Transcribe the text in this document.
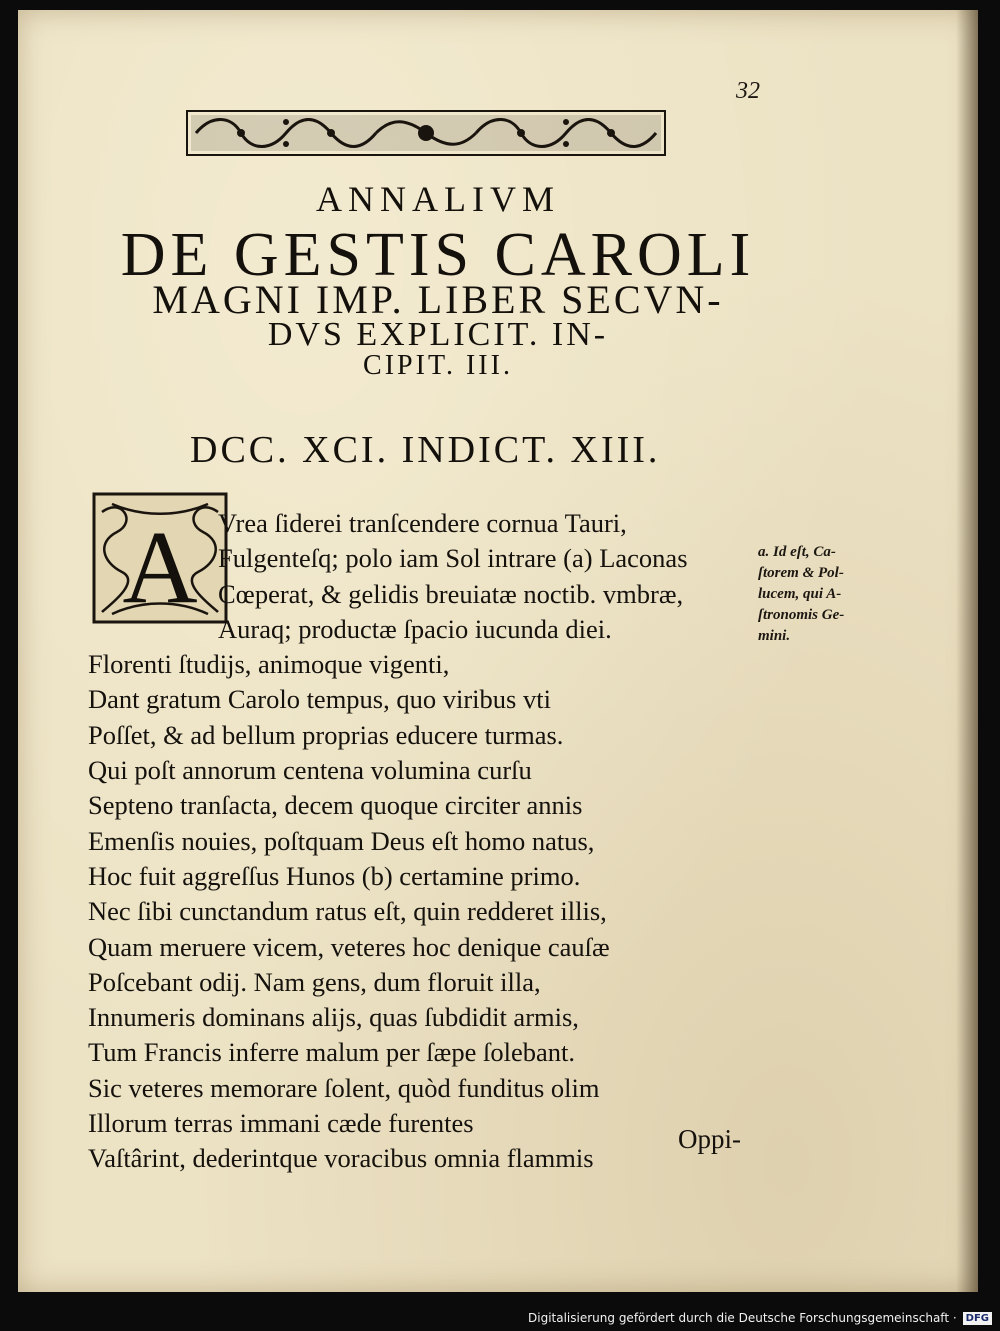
32
ANNALIVM
DE GESTIS CAROLI
MAGNI IMP. LIBER SECVN-
DVS EXPLICIT. IN-
CIPIT. III.
DCC. XCI. INDICT. XIII.
A Vrea ſiderei tranſcendere cornua Tauri,
Fulgenteſq; polo iam Sol intrare (a) Laconas
Cœperat, & gelidis breuiatæ noctib. vmbræ,
Auraq; productæ ſpacio iucunda diei.
Florenti ſtudijs, animoque vigenti,
Dant gratum Carolo tempus, quo viribus vti
Poſſet, & ad bellum proprias educere turmas.
Qui poſt annorum centena volumina curſu
Septeno tranſacta, decem quoque circiter annis
Emenſis nouies, poſtquam Deus eſt homo natus,
Hoc fuit aggreſſus Hunos (b) certamine primo.
Nec ſibi cunctandum ratus eſt, quin redderet illis,
Quam meruere vicem, veteres hoc denique cauſæ
Poſcebant odij. Nam gens, dum floruit illa,
Innumeris dominans alijs, quas ſubdidit armis,
Tum Francis inferre malum per ſæpe ſolebant.
Sic veteres memorare ſolent, quòd funditus olim
Illorum terras immani cæde furentes
Vaſtârint, dederintque voracibus omnia flammis
a. Id eſt, Ca-
ſtorem & Pol-
lucem, qui A-
ſtronomis Ge-
mini.
Oppi-
Digitalisierung gefördert durch die Deutsche Forschungsgemeinschaft · DFG
